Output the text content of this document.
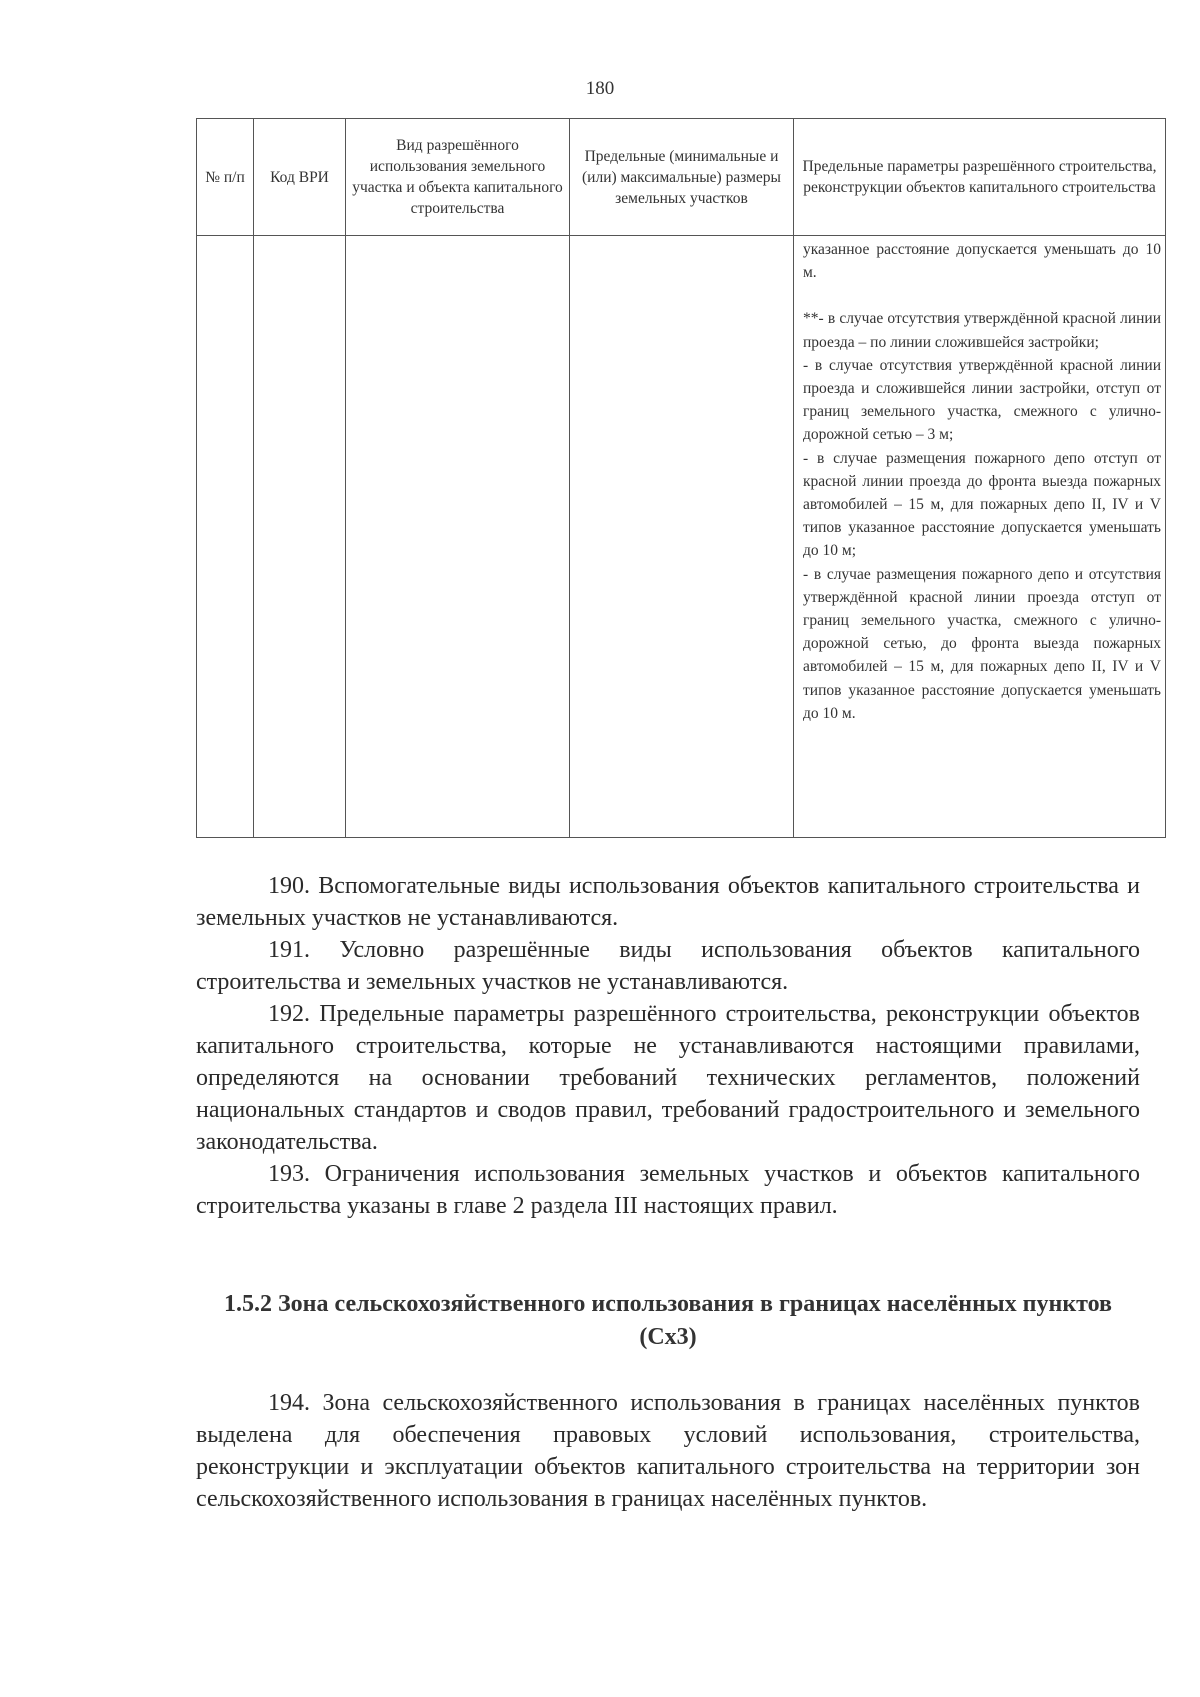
180
№ п/п	Код ВРИ	Вид разрешённого использования земельного участка и объекта капитального строительства	Предельные (минимальные и (или) максимальные) размеры земельных участков	Предельные параметры разрешённого строительства, реконструкции объектов капитального строительства

				указанное расстояние допускается уменьшать до 10 м.

**- в случае отсутствия утверждённой красной линии проезда – по линии сложившейся застройки;

- в случае отсутствия утверждённой красной линии проезда и сложившейся линии застройки, отступ от границ земельного участка, смежного с улично-дорожной сетью – 3 м;

- в случае размещения пожарного депо отступ от красной линии проезда до фронта выезда пожарных автомобилей – 15 м, для пожарных депо II, IV и V типов указанное расстояние допускается уменьшать до 10 м;

- в случае размещения пожарного депо и отсутствия утверждённой красной линии проезда отступ от границ земельного участка, смежного с улично-дорожной сетью, до фронта выезда пожарных автомобилей – 15 м, для пожарных депо II, IV и V типов указанное расстояние допускается уменьшать до 10 м.

190. Вспомогательные виды использования объектов капитального строительства и земельных участков не устанавливаются.

191. Условно разрешённые виды использования объектов капитального строительства и земельных участков не устанавливаются.

192. Предельные параметры разрешённого строительства, реконструкции объектов капитального строительства, которые не устанавливаются настоящими правилами, определяются на основании требований технических регламентов, положений национальных стандартов и сводов правил, требований градостроительного и земельного законодательства.

193. Ограничения использования земельных участков и объектов капитального строительства указаны в главе 2 раздела III настоящих правил.

1.5.2 Зона сельскохозяйственного использования в границах населённых пунктов (Сх3)

194. Зона сельскохозяйственного использования в границах населённых пунктов выделена для обеспечения правовых условий использования, строительства, реконструкции и эксплуатации объектов капитального строительства на территории зон сельскохозяйственного использования в границах населённых пунктов.
